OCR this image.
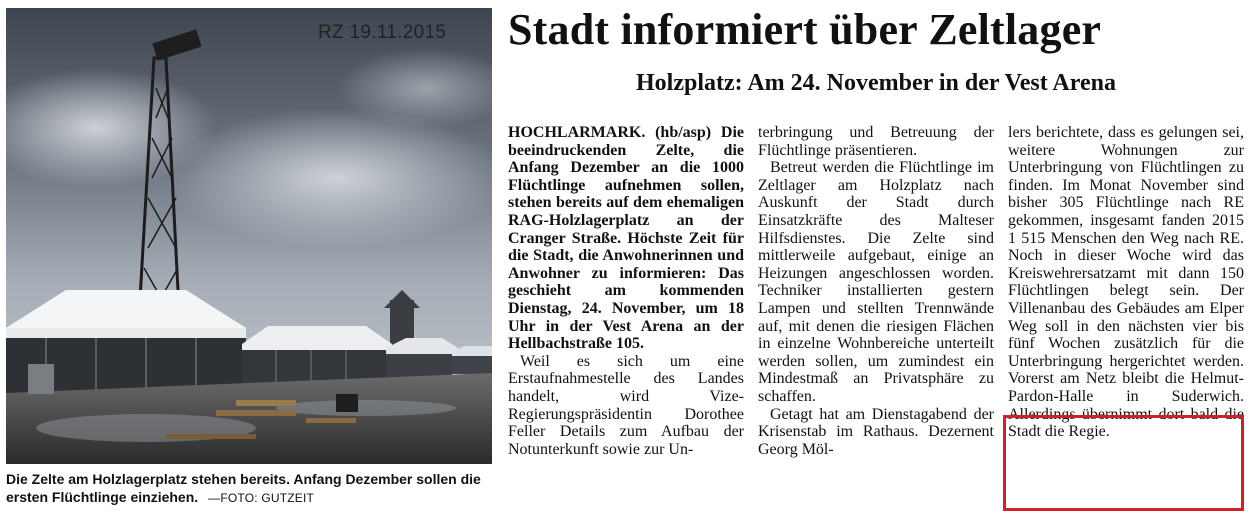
RZ 19.11.2015
Die Zelte am Holzlagerplatz stehen bereits. Anfang Dezember sollen die ersten Flüchtlinge einziehen. —FOTO: GUTZEIT
Stadt informiert über Zeltlager
Holzplatz: Am 24. November in der Vest Arena

HOCHLARMARK. (hb/asp) Die beeindruckenden Zelte, die Anfang Dezember an die 1000 Flüchtlinge aufnehmen sollen, stehen bereits auf dem ehemaligen RAG-Holzlagerplatz an der Cranger Straße. Höchste Zeit für die Stadt, die Anwohnerinnen und Anwohner zu informieren: Das geschieht am kommenden Dienstag, 24. November, um 18 Uhr in der Vest Arena an der Hellbachstraße 105.

Weil es sich um eine Erstaufnahmestelle des Landes handelt, wird Vize-Regierungspräsidentin Dorothee Feller Details zum Aufbau der Notunterkunft sowie zur Un-

terbringung und Betreuung der Flüchtlinge präsentieren.

Betreut werden die Flüchtlinge im Zeltlager am Holzplatz nach Auskunft der Stadt durch Einsatzkräfte des Malteser Hilfsdienstes. Die Zelte sind mittlerweile aufgebaut, einige an Heizungen angeschlossen worden. Techniker installierten gestern Lampen und stellten Trennwände auf, mit denen die riesigen Flächen in einzelne Wohnbereiche unterteilt werden sollen, um zumindest ein Mindestmaß an Privatsphäre zu schaffen.

Getagt hat am Dienstagabend der Krisenstab im Rathaus. Dezernent Georg Möl-

lers berichtete, dass es gelungen sei, weitere Wohnungen zur Unterbringung von Flüchtlingen zu finden. Im Monat November sind bisher 305 Flüchtlinge nach RE gekommen, insgesamt fanden 2015 1 515 Menschen den Weg nach RE. Noch in dieser Woche wird das Kreiswehrersatzamt mit dann 150 Flüchtlingen belegt sein. Der Villenanbau des Gebäudes am Elper Weg soll in den nächsten vier bis fünf Wochen zusätzlich für die Unterbringung hergerichtet werden. Vorerst am Netz bleibt die Helmut-Pardon-Halle in Suderwich. Allerdings übernimmt dort bald die Stadt die Regie.
